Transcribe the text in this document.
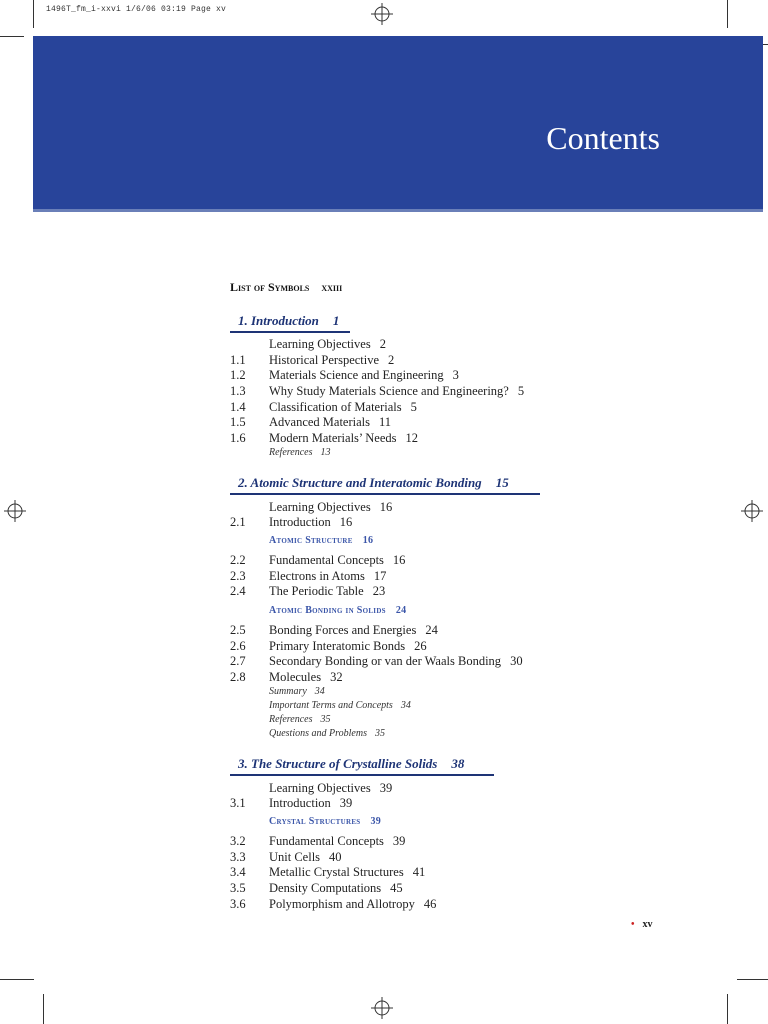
1496T_fm_i-xxvi 1/6/06 03:19 Page xv
Contents
List of Symbols xxiii
1. Introduction 1
Learning Objectives 2
1.1	Historical Perspective 2
1.2	Materials Science and Engineering 3
1.3	Why Study Materials Science and Engineering? 5
1.4	Classification of Materials 5
1.5	Advanced Materials 11
1.6	Modern Materials’ Needs 12
References 13
2. Atomic Structure and Interatomic Bonding 15
Learning Objectives 16
2.1	Introduction 16
Atomic Structure 16
2.2	Fundamental Concepts 16
2.3	Electrons in Atoms 17
2.4	The Periodic Table 23
Atomic Bonding in Solids 24
2.5	Bonding Forces and Energies 24
2.6	Primary Interatomic Bonds 26
2.7	Secondary Bonding or van der Waals Bonding 30
2.8	Molecules 32
Summary 34
Important Terms and Concepts 34
References 35
Questions and Problems 35
3. The Structure of Crystalline Solids 38
Learning Objectives 39
3.1	Introduction 39
Crystal Structures 39
3.2	Fundamental Concepts 39
3.3	Unit Cells 40
3.4	Metallic Crystal Structures 41
3.5	Density Computations 45
3.6	Polymorphism and Allotropy 46
• xv
